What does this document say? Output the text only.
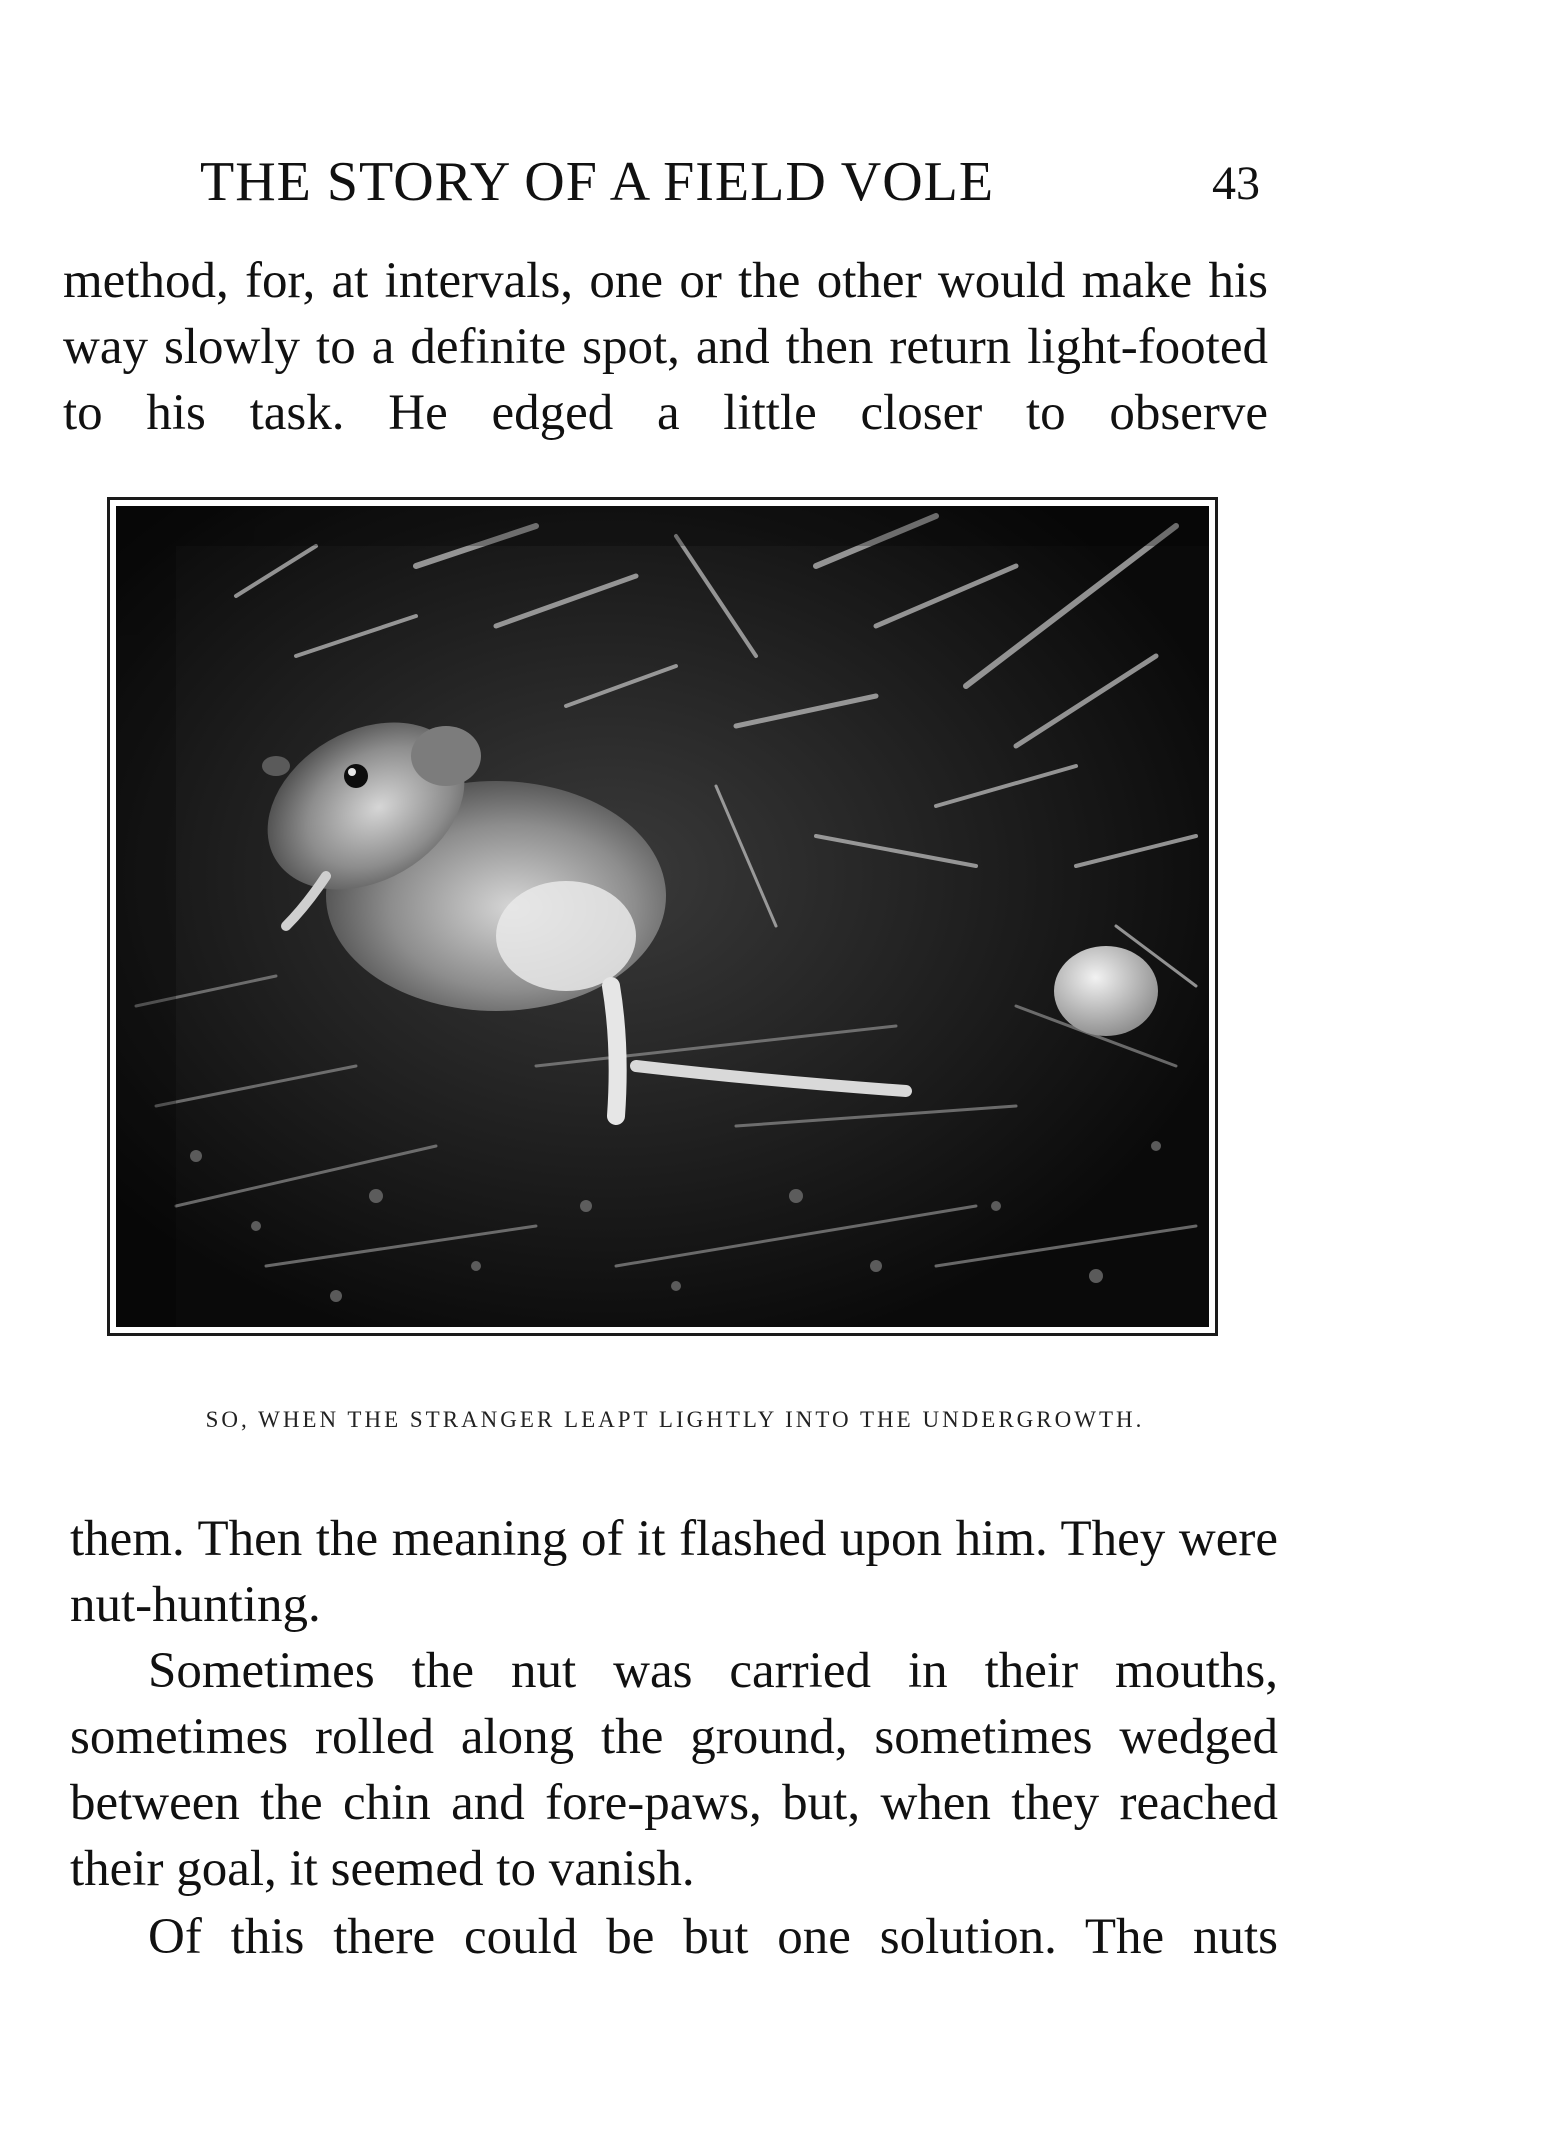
THE STORY OF A FIELD VOLE	43

method, for, at intervals, one or the other would make his way slowly to a definite spot, and then return light-footed to his task. He edged a little closer to observe

SO, WHEN THE STRANGER LEAPT LIGHTLY INTO THE UNDERGROWTH.

them. Then the meaning of it flashed upon him. They were nut-hunting.

Sometimes the nut was carried in their mouths, sometimes rolled along the ground, sometimes wedged between the chin and fore-paws, but, when they reached their goal, it seemed to vanish.

Of this there could be but one solution. The nuts
